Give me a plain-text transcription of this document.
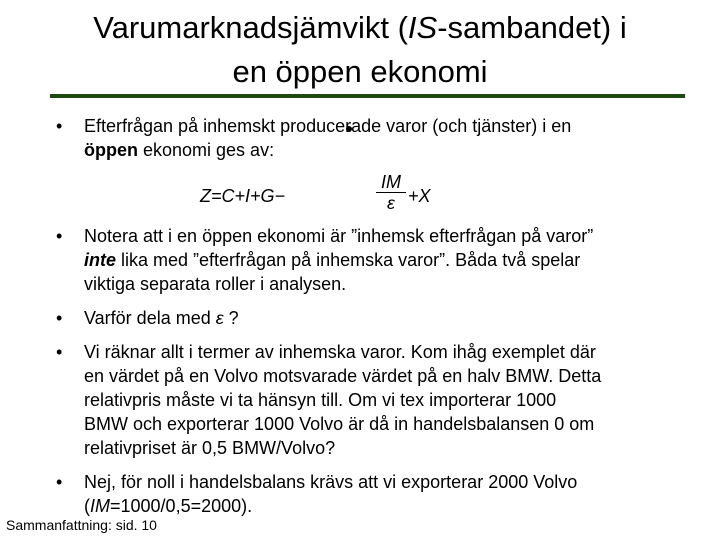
Varumarknadsjämvikt (IS-sambandet) i
en öppen ekonomi
• Efterfrågan på inhemskt producerade varor (och tjänster) i en
öppen ekonomi ges av:
Z=C+I+G−	$\frac{IM}{\varepsilon} +X$
• Notera att i en öppen ekonomi är ”inhemsk efterfrågan på varor”
inte lika med ”efterfrågan på inhemska varor”. Båda två spelar
viktiga separata roller i analysen.
• Varför dela med ε ?
• Vi räknar allt i termer av inhemska varor. Kom ihåg exemplet där
en värdet på en Volvo motsvarade värdet på en halv BMW. Detta
relativpris måste vi ta hänsyn till. Om vi tex importerar 1000
BMW och exporterar 1000 Volvo är då in handelsbalansen 0 om
relativpriset är 0,5 BMW/Volvo?
• Nej, för noll i handelsbalans krävs att vi exporterar 2000 Volvo
(IM=1000/0,5=2000).
Sammanfattning: sid. 10
